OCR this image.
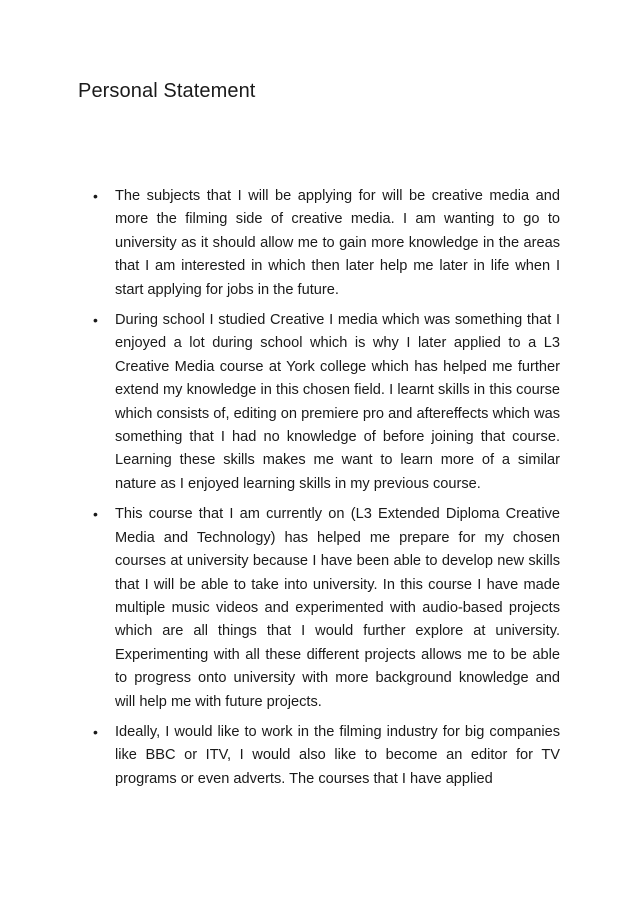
Personal Statement
• The subjects that I will be applying for will be creative media and more the filming side of creative media. I am wanting to go to university as it should allow me to gain more knowledge in the areas that I am interested in which then later help me later in life when I start applying for jobs in the future.
• During school I studied Creative I media which was something that I enjoyed a lot during school which is why I later applied to a L3 Creative Media course at York college which has helped me further extend my knowledge in this chosen field. I learnt skills in this course which consists of, editing on premiere pro and aftereffects which was something that I had no knowledge of before joining that course. Learning these skills makes me want to learn more of a similar nature as I enjoyed learning skills in my previous course.
• This course that I am currently on (L3 Extended Diploma Creative Media and Technology) has helped me prepare for my chosen courses at university because I have been able to develop new skills that I will be able to take into university. In this course I have made multiple music videos and experimented with audio-based projects which are all things that I would further explore at university. Experimenting with all these different projects allows me to be able to progress onto university with more background knowledge and will help me with future projects.
• Ideally, I would like to work in the filming industry for big companies like BBC or ITV, I would also like to become an editor for TV programs or even adverts. The courses that I have applied
